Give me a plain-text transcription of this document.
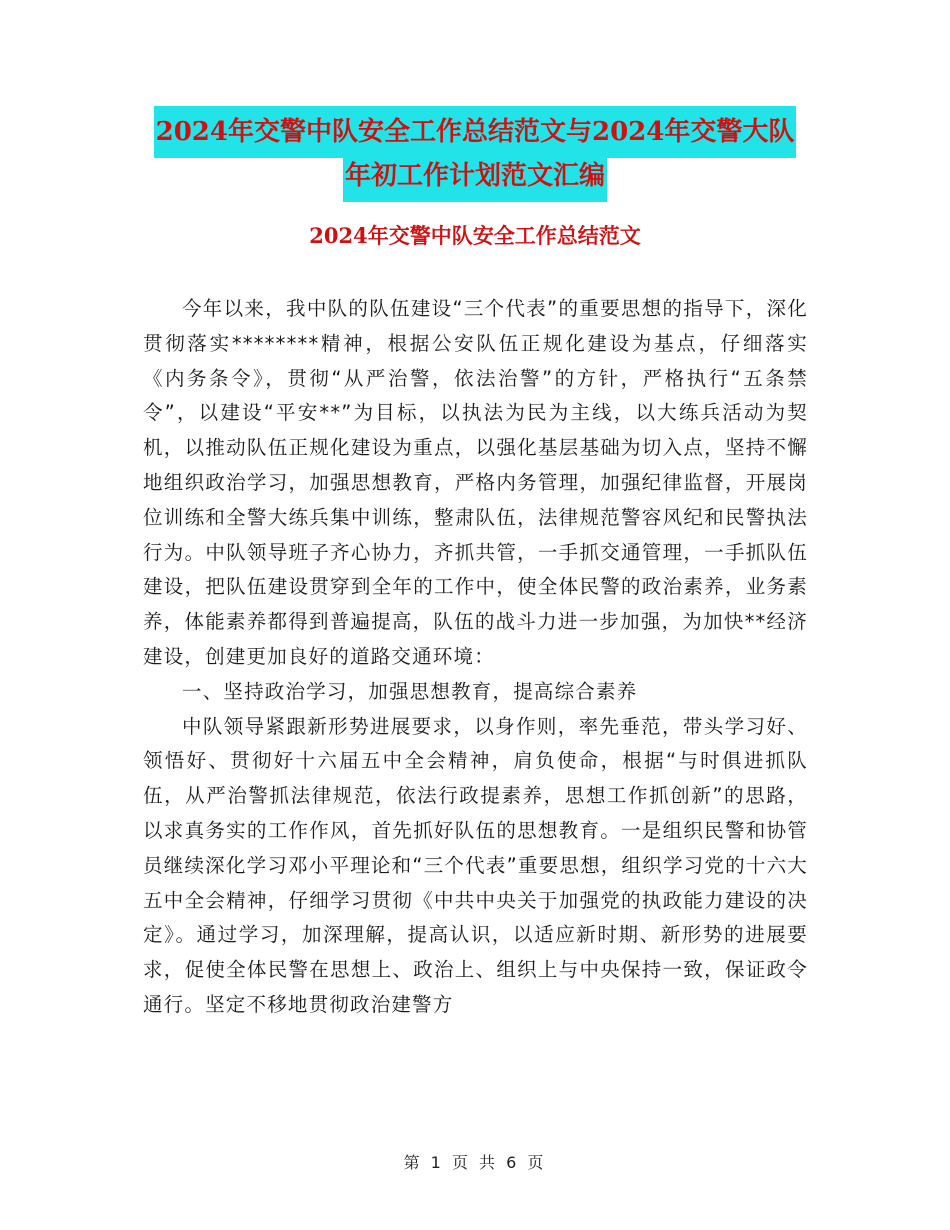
2024年交警中队安全工作总结范文与2024年交警大队
年初工作计划范文汇编
2024年交警中队安全工作总结范文

今年以来，我中队的队伍建设“三个代表”的重要思想的指导下，深化贯彻落实********精神，根据公安队伍正规化建设为基点，仔细落实《内务条令》，贯彻“从严治警，依法治警”的方针，严格执行“五条禁令”，以建设“平安**”为目标，以执法为民为主线，以大练兵活动为契机，以推动队伍正规化建设为重点，以强化基层基础为切入点，坚持不懈地组织政治学习，加强思想教育，严格内务管理，加强纪律监督，开展岗位训练和全警大练兵集中训练，整肃队伍，法律规范警容风纪和民警执法行为。中队领导班子齐心协力，齐抓共管，一手抓交通管理，一手抓队伍建设，把队伍建设贯穿到全年的工作中，使全体民警的政治素养，业务素养，体能素养都得到普遍提高，队伍的战斗力进一步加强，为加快**经济建设，创建更加良好的道路交通环境：

一、坚持政治学习，加强思想教育，提高综合素养

中队领导紧跟新形势进展要求，以身作则，率先垂范，带头学习好、领悟好、贯彻好十六届五中全会精神，肩负使命，根据“与时俱进抓队伍，从严治警抓法律规范，依法行政提素养，思想工作抓创新”的思路，以求真务实的工作作风，首先抓好队伍的思想教育。一是组织民警和协管员继续深化学习邓小平理论和“三个代表”重要思想，组织学习党的十六大五中全会精神，仔细学习贯彻《中共中央关于加强党的执政能力建设的决定》。通过学习，加深理解，提高认识，以适应新时期、新形势的进展要求，促使全体民警在思想上、政治上、组织上与中央保持一致，保证政令通行。坚定不移地贯彻政治建警方

第 1 页 共 6 页
